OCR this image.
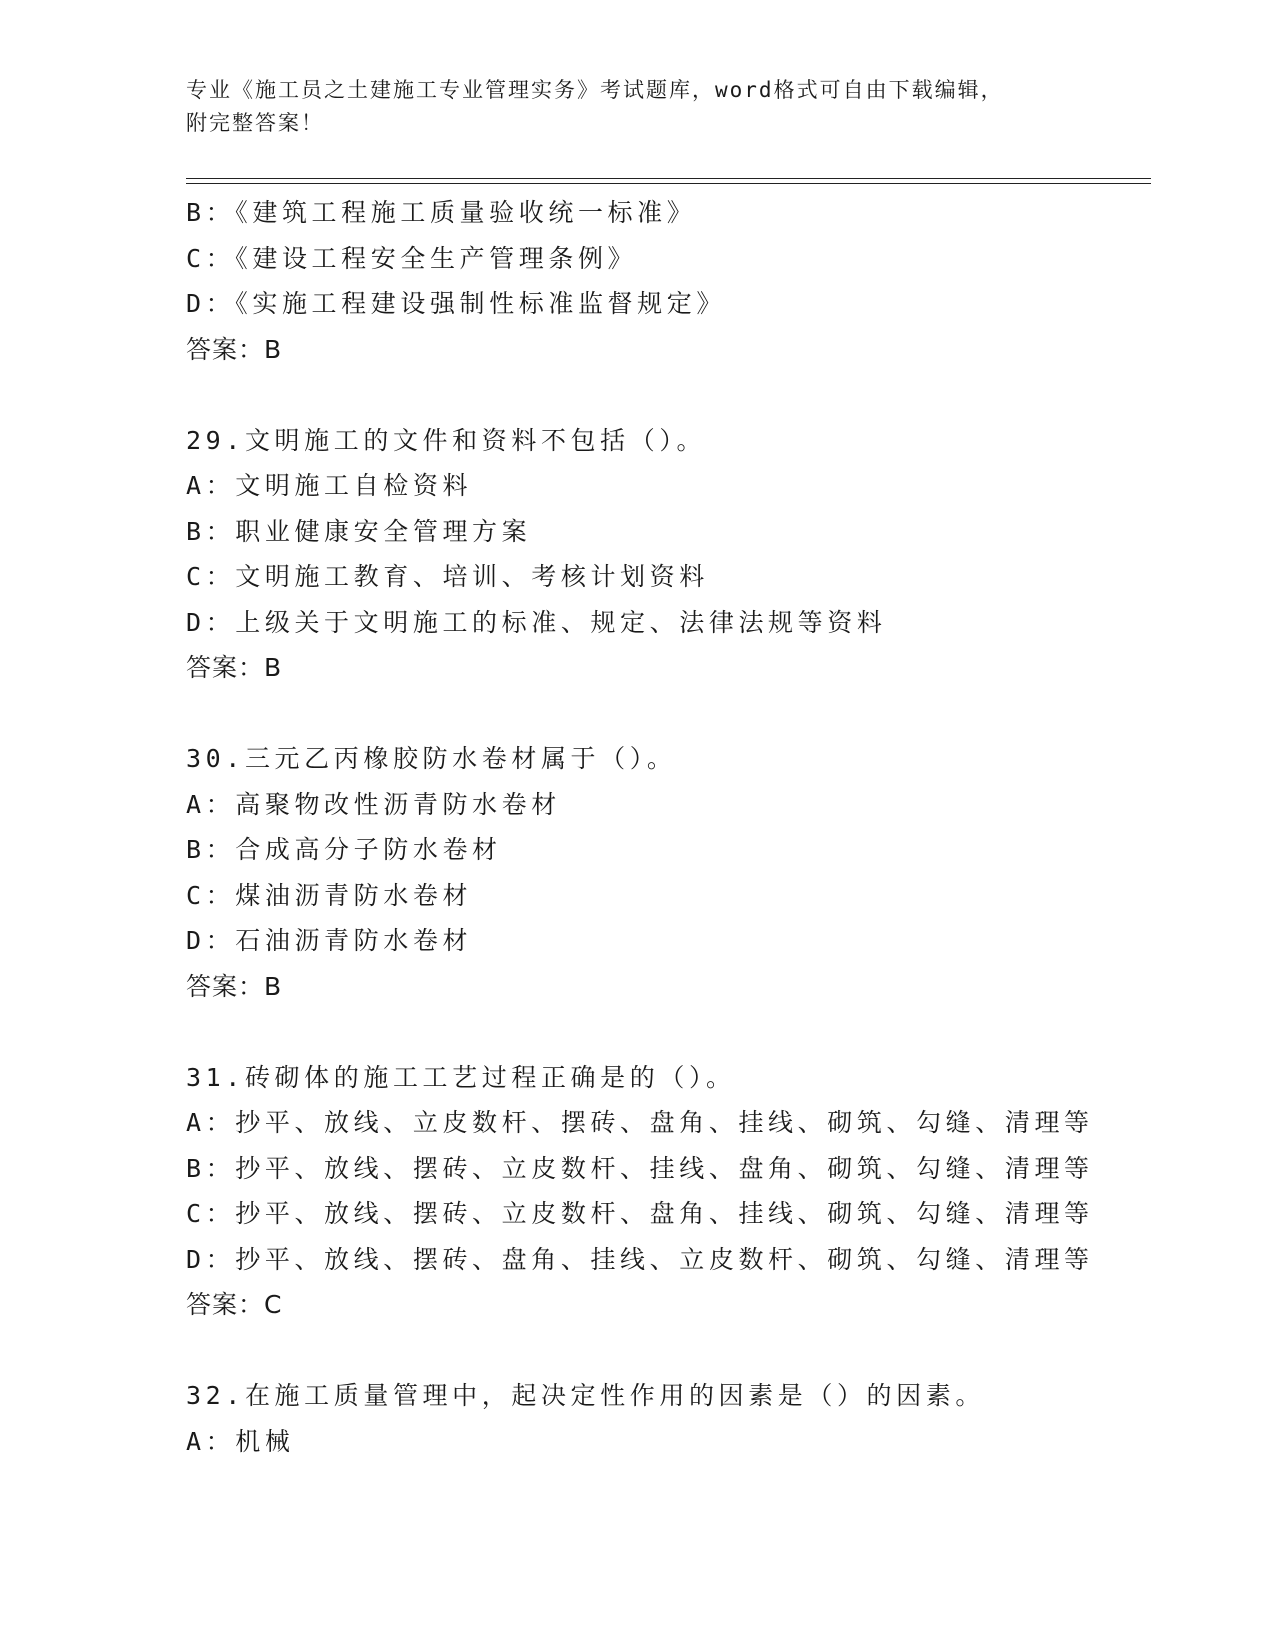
专业《施工员之土建施工专业管理实务》考试题库，word格式可自由下载编辑，
附完整答案！
B：《建筑工程施工质量验收统一标准》
C：《建设工程安全生产管理条例》
D：《实施工程建设强制性标准监督规定》
答案：B
29.文明施工的文件和资料不包括（）。
A：文明施工自检资料
B：职业健康安全管理方案
C：文明施工教育、培训、考核计划资料
D：上级关于文明施工的标准、规定、法律法规等资料
答案：B
30.三元乙丙橡胶防水卷材属于（）。
A：高聚物改性沥青防水卷材
B：合成高分子防水卷材
C：煤油沥青防水卷材
D：石油沥青防水卷材
答案：B
31.砖砌体的施工工艺过程正确是的（）。
A：抄平、放线、立皮数杆、摆砖、盘角、挂线、砌筑、勾缝、清理等
B：抄平、放线、摆砖、立皮数杆、挂线、盘角、砌筑、勾缝、清理等
C：抄平、放线、摆砖、立皮数杆、盘角、挂线、砌筑、勾缝、清理等
D：抄平、放线、摆砖、盘角、挂线、立皮数杆、砌筑、勾缝、清理等
答案：C
32.在施工质量管理中，起决定性作用的因素是（）的因素。
A：机械
